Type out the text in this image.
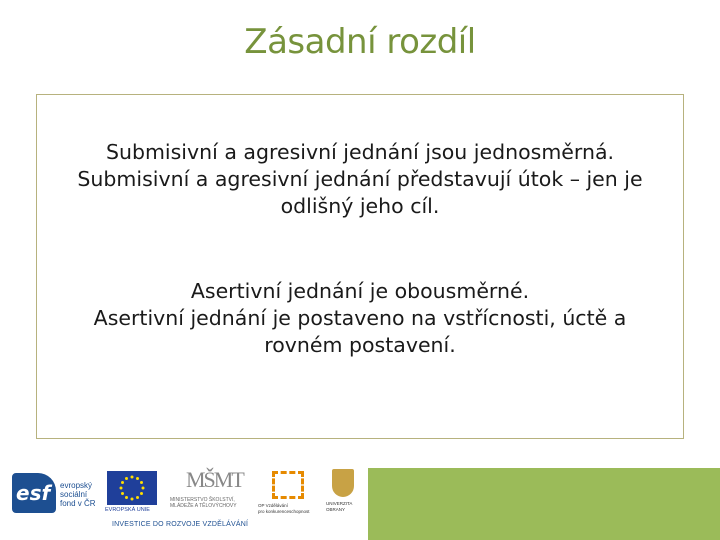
Zásadní rozdíl
Submisivní a agresivní jednání jsou jednosměrná.
Submisivní a agresivní jednání představují útok – jen je
odlišný jeho cíl.
Asertivní jednání je obousměrné.
Asertivní jednání je postaveno na vstřícnosti, úctě a
rovném postavení.
esf evropský
sociální
fond v ČR
EVROPSKÁ UNIE
MŠMT
MINISTERSTVO ŠKOLSTVÍ,
MLÁDEŽE A TĚLOVÝCHOVY	OP Vzdělávání
pro konkurenceschopnost
UNIVERZITA
OBRANY
INVESTICE DO ROZVOJE VZDĚLÁVÁNÍ
